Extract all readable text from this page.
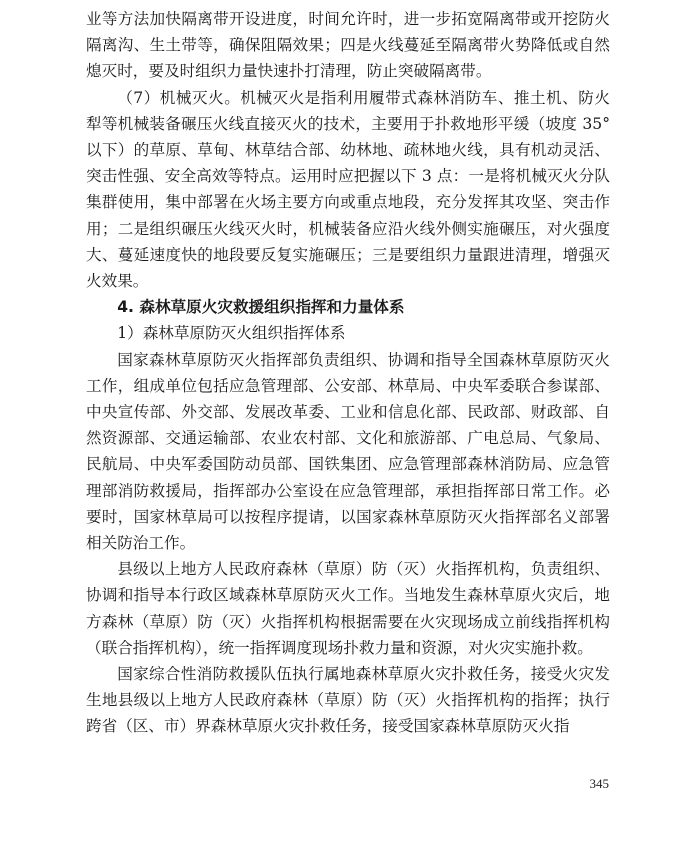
业等方法加快隔离带开设进度，时间允许时，进一步拓宽隔离带或开挖防火隔离沟、生土带等，确保阻隔效果；四是火线蔓延至隔离带火势降低或自然熄灭时，要及时组织力量快速扑打清理，防止突破隔离带。

（7）机械灭火。机械灭火是指利用履带式森林消防车、推土机、防火犁等机械装备碾压火线直接灭火的技术，主要用于扑救地形平缓（坡度 35° 以下）的草原、草甸、林草结合部、幼林地、疏林地火线，具有机动灵活、突击性强、安全高效等特点。运用时应把握以下 3 点：一是将机械灭火分队集群使用，集中部署在火场主要方向或重点地段，充分发挥其攻坚、突击作用；二是组织碾压火线灭火时，机械装备应沿火线外侧实施碾压，对火强度大、蔓延速度快的地段要反复实施碾压；三是要组织力量跟进清理，增强灭火效果。

4. 森林草原火灾救援组织指挥和力量体系

1）森林草原防灭火组织指挥体系

国家森林草原防灭火指挥部负责组织、协调和指导全国森林草原防灭火工作，组成单位包括应急管理部、公安部、林草局、中央军委联合参谋部、中央宣传部、外交部、发展改革委、工业和信息化部、民政部、财政部、自然资源部、交通运输部、农业农村部、文化和旅游部、广电总局、气象局、民航局、中央军委国防动员部、国铁集团、应急管理部森林消防局、应急管理部消防救援局，指挥部办公室设在应急管理部，承担指挥部日常工作。必要时，国家林草局可以按程序提请，以国家森林草原防灭火指挥部名义部署相关防治工作。

县级以上地方人民政府森林（草原）防（灭）火指挥机构，负责组织、协调和指导本行政区域森林草原防灭火工作。当地发生森林草原火灾后，地方森林（草原）防（灭）火指挥机构根据需要在火灾现场成立前线指挥机构（联合指挥机构），统一指挥调度现场扑救力量和资源，对火灾实施扑救。

国家综合性消防救援队伍执行属地森林草原火灾扑救任务，接受火灾发生地县级以上地方人民政府森林（草原）防（灭）火指挥机构的指挥；执行跨省（区、市）界森林草原火灾扑救任务，接受国家森林草原防灭火指

345
